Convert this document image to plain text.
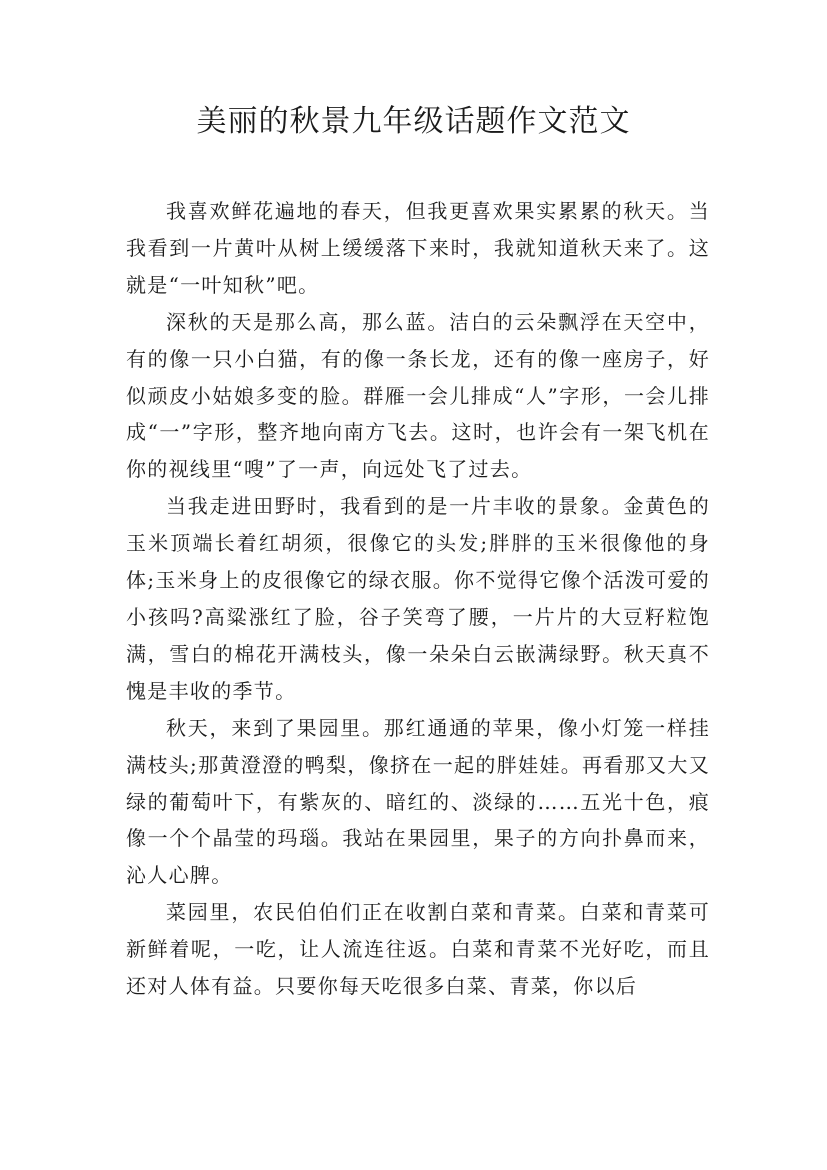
美丽的秋景九年级话题作文范文

我喜欢鲜花遍地的春天，但我更喜欢果实累累的秋天。当我看到一片黄叶从树上缓缓落下来时，我就知道秋天来了。这就是“一叶知秋”吧。

深秋的天是那么高，那么蓝。洁白的云朵飘浮在天空中，有的像一只小白猫，有的像一条长龙，还有的像一座房子，好似顽皮小姑娘多变的脸。群雁一会儿排成“人”字形，一会儿排成“一”字形，整齐地向南方飞去。这时，也许会有一架飞机在你的视线里“嗖”了一声，向远处飞了过去。

当我走进田野时，我看到的是一片丰收的景象。金黄色的玉米顶端长着红胡须，很像它的头发;胖胖的玉米很像他的身体;玉米身上的皮很像它的绿衣服。你不觉得它像个活泼可爱的小孩吗?高粱涨红了脸，谷子笑弯了腰，一片片的大豆籽粒饱满，雪白的棉花开满枝头，像一朵朵白云嵌满绿野。秋天真不愧是丰收的季节。

秋天，来到了果园里。那红通通的苹果，像小灯笼一样挂满枝头;那黄澄澄的鸭梨，像挤在一起的胖娃娃。再看那又大又绿的葡萄叶下，有紫灰的、暗红的、淡绿的……五光十色，痕像一个个晶莹的玛瑙。我站在果园里，果子的方向扑鼻而来，沁人心脾。

菜园里，农民伯伯们正在收割白菜和青菜。白菜和青菜可新鲜着呢，一吃，让人流连往返。白菜和青菜不光好吃，而且还对人体有益。只要你每天吃很多白菜、青菜，你以后
